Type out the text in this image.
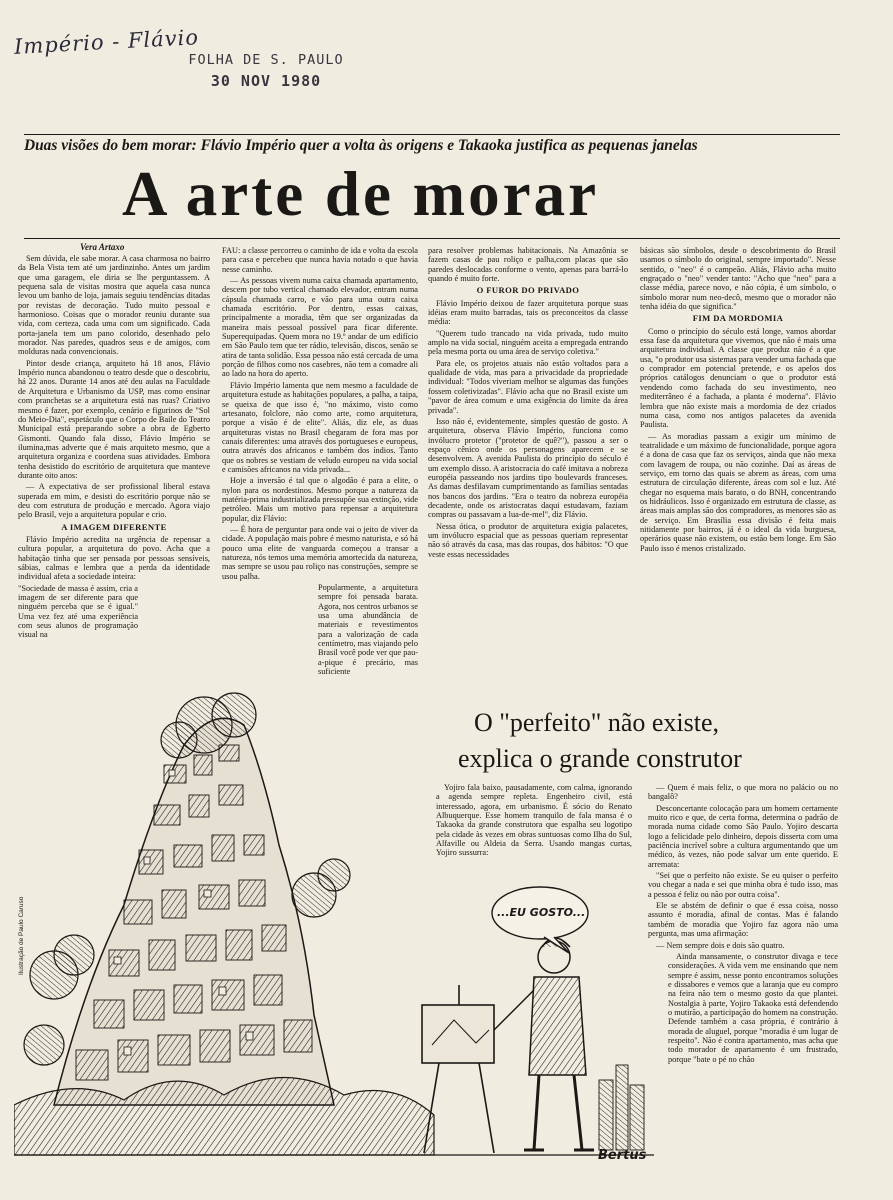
Império - Flávio
FOLHA DE S. PAULO
30 NOV 1980
Duas visões do bem morar: Flávio Império quer a volta às origens e Takaoka justifica as pequenas janelas
A arte de morar
Vera Artaxo

Sem dúvida, ele sabe morar. A casa charmosa no bairro da Bela Vista tem até um jardinzinho. Antes um jardim que uma garagem, ele diria se lhe perguntassem. A pequena sala de visitas mostra que aquela casa nunca levou um banho de loja, jamais seguiu tendências ditadas por revistas de decoração. Tudo muito pessoal e harmonioso. Coisas que o morador reuniu durante sua vida, com certeza, cada uma com um significado. Cada porta-janela tem um pano colorido, desenhado pelo morador. Nas paredes, quadros seus e de amigos, com molduras nada convencionais.

Pintor desde criança, arquiteto há 18 anos, Flávio Império nunca abandonou o teatro desde que o descobriu, há 22 anos. Durante 14 anos até deu aulas na Faculdade de Arquitetura e Urbanismo da USP, mas como ensinar com pranchetas se a arquitetura está nas ruas? Criativo mesmo é fazer, por exemplo, cenário e figurinos de "Sol do Meio-Dia", espetáculo que o Corpo de Baile do Teatro Municipal está preparando sobre a obra de Egberto Gismonti. Quando fala disso, Flávio Império se ilumina,mas adverte que é mais arquiteto mesmo, que a arquitetura organiza e coordena suas atividades. Embora tenha desistido do escritório de arquitetura que manteve durante oito anos:

— A expectativa de ser profissional liberal estava superada em mim, e desisti do escritório porque não se deu com estrutura de produção e mercado. Agora viajo pelo Brasil, vejo a arquitetura popular e crio.

A IMAGEM DIFERENTE

Flávio Império acredita na urgência de repensar a cultura popular, a arquitetura do povo. Acha que a habitação tinha que ser pensada por pessoas sensíveis, sábias, calmas e lembra que a perda da identidade individual afeta a sociedade inteira:

"Sociedade de massa é assim, cria a imagem de ser diferente para que ninguém perceba que se é igual." Uma vez fez até uma experiência com seus alunos de programação visual na

FAU: a classe percorreu o caminho de ida e volta da escola para casa e percebeu que nunca havia notado o que havia nesse caminho.

— As pessoas vivem numa caixa chamada apartamento, descem por tubo vertical chamado elevador, entram numa cápsula chamada carro, e vão para uma outra caixa chamada escritório. Por dentro, essas caixas, principalmente a moradia, têm que ser organizadas da maneira mais pessoal possível para ficar diferente. Superequipadas. Quem mora no 19.º andar de um edifício em São Paulo tem que ter rádio, televisão, discos, senão se atira de tanta solidão. Essa pessoa não está cercada de uma porção de filhos como nos casebres, não tem a comadre ali ao lado na hora do aperto.

Flávio Império lamenta que nem mesmo a faculdade de arquitetura estude as habitações populares, a palha, a taipa, se queixa de que isso é, "no máximo, visto como artesanato, folclore, não como arte, como arquitetura, porque a visão é de elite". Aliás, diz ele, as duas arquiteturas vistas no Brasil chegaram de fora mas por canais diferentes: uma através dos portugueses e europeus, outra através dos africanos e também dos índios. Tanto que os nobres se vestiam de veludo europeu na vida social e camisões africanos na vida privada...

Hoje a inversão é tal que o algodão é para a elite, o nylon para os nordestinos. Mesmo porque a natureza da matéria-prima industrializada pressupõe sua extinção, vide petróleo. Mais um motivo para repensar a arquitetura popular, diz Flávio:

— É hora de perguntar para onde vai o jeito de viver da cidade. A população mais pobre é mesmo naturista, e só há pouco uma elite de vanguarda começou a transar a natureza, nós temos uma memória amortecida da natureza, mas sempre se usou pau roliço nas construções, sempre se usou palha.

Popularmente, a arquitetura sempre foi pensada barata. Agora, nos centros urbanos se usa uma abundância de materiais e revestimentos para a valorização de cada centímetro, mas viajando pelo Brasil você pode ver que pau-a-pique é precário, mas suficiente

para resolver problemas habitacionais. Na Amazônia se fazem casas de pau roliço e palha,com placas que são paredes deslocadas conforme o vento, apenas para barrá-lo quando é muito forte.

O FUROR DO PRIVADO

Flávio Império deixou de fazer arquitetura porque suas idéias eram muito barradas, tais os preconceitos da classe média:

"Querem tudo trancado na vida privada, tudo muito amplo na vida social, ninguém aceita a empregada entrando pela mesma porta ou uma área de serviço coletiva."

Para ele, os projetos atuais não estão voltados para a qualidade de vida, mas para a privacidade da propriedade individual: "Todos viveriam melhor se algumas das funções fossem coletivizadas". Flávio acha que no Brasil existe um "pavor de área comum e uma exigência do limite da área privada".

Isso não é, evidentemente, simples questão de gosto. A arquitetura, observa Flávio Império, funciona como invólucro protetor ("protetor de quê?"), passou a ser o espaço cênico onde os personagens aparecem e se desenvolvem. A avenida Paulista do princípio do século é um exemplo disso. A aristocracia do café imitava a nobreza européia passeando nos jardins tipo boulevards franceses. As damas desfilavam cumprimentando as famílias sentadas nos bancos dos jardins. "Era o teatro da nobreza européia decadente, onde os aristocratas daqui estudavam, faziam compras ou passavam a lua-de-mel", diz Flávio.

Nessa ótica, o produtor de arquitetura exigia palacetes, um invólucro espacial que as pessoas queriam representar não só através da casa, mas das roupas, dos hábitos: "O que veste essas necessidades

básicas são símbolos, desde o descobrimento do Brasil usamos o símbolo do original, sempre importado". Nesse sentido, o "neo" é o campeão. Aliás, Flávio acha muito engraçado o "neo" vender tanto: "Acho que "neo" para a classe média, parece novo, e não cópia, é um símbolo, o símbolo morar num neo-decô, mesmo que o morador não tenha idéia do que significa."

FIM DA MORDOMIA

Como o princípio do século está longe, vamos abordar essa fase da arquitetura que vivemos, que não é mais uma arquitetura individual. A classe que produz não é a que usa, "o produtor usa sistemas para vender uma fachada que o comprador em potencial pretende, e os apelos dos próprios catálogos denunciam o que o produtor está vendendo como fachada do seu investimento, neo mediterrâneo é a fachada, a planta é moderna". Flávio lembra que não existe mais a mordomia de dez criados numa casa, como nos antigos palacetes da avenida Paulista.

— As moradias passam a exigir um mínimo de teatralidade e um máximo de funcionalidade, porque agora é a dona de casa que faz os serviços, ainda que não mexa com lavagem de roupa, ou não cozinhe. Daí as áreas de serviço, em torno das quais se abrem as áreas, com uma estrutura de circulação diferente, áreas com sol e luz. Até chegar no esquema mais barato, o do BNH, concentrando os hidráulicos. Isso é organizado em estrutura de classe, as áreas mais amplas são dos compradores, as menores são as de serviço. Em Brasília essa divisão é feita mais nitidamente por bairros, já é o ideal da vida burguesa, operários quase não existem, ou estão bem longe. Em São Paulo isso é menos cristalizado.

O "perfeito" não existe,
explica o grande construtor

Yojiro fala baixo, pausadamente, com calma, ignorando a agenda sempre repleta. Engenheiro civil, está interessado, agora, em urbanismo. É sócio do Renato Albuquerque. Esse homem tranquilo de fala mansa é o Takaoka da grande construtora que espalha seu logotipo pela cidade às vezes em obras suntuosas como Ilha do Sul, Alfaville ou Aldeia da Serra. Usando mangas curtas, Yojiro sussurra:

— Quem é mais feliz, o que mora no palácio ou no bangalô?

Desconcertante colocação para um homem certamente muito rico e que, de certa forma, determina o padrão de morada numa cidade como São Paulo. Yojiro descarta logo a felicidade pelo dinheiro, depois disserta com uma paciência incrível sobre a cultura argumentando que um médico, às vezes, não pode salvar um ente querido. E arremata:

"Sei que o perfeito não existe. Se eu quiser o perfeito vou chegar a nada e sei que minha obra é tudo isso, mas a pessoa é feliz ou não por outra coisa".

Ele se abstém de definir o que é essa coisa, nosso assunto é moradia, afinal de contas. Mas é falando também de moradia que Yojiro faz agora não uma pergunta, mas uma afirmação:

— Nem sempre dois e dois são quatro.

Ainda mansamente, o construtor divaga e tece considerações. A vida vem me ensinando que nem sempre é assim, nesse ponto encontramos soluções e dissabores e vemos que a laranja que eu compro na feira não tem o mesmo gosto da que plantei. Nostalgia à parte, Yojiro Takaoka está defendendo o mutirão, a participação do homem na construção. Defende também a casa própria, é contrário à morada de aluguel, porque "moradia é um lugar de respeito". Não é contra apartamento, mas acha que todo morador de apartamento é um frustrado, porque "bate o pé no chão

...EU GOSTO...
Bertus
Ilustração de Paulo Caruso
